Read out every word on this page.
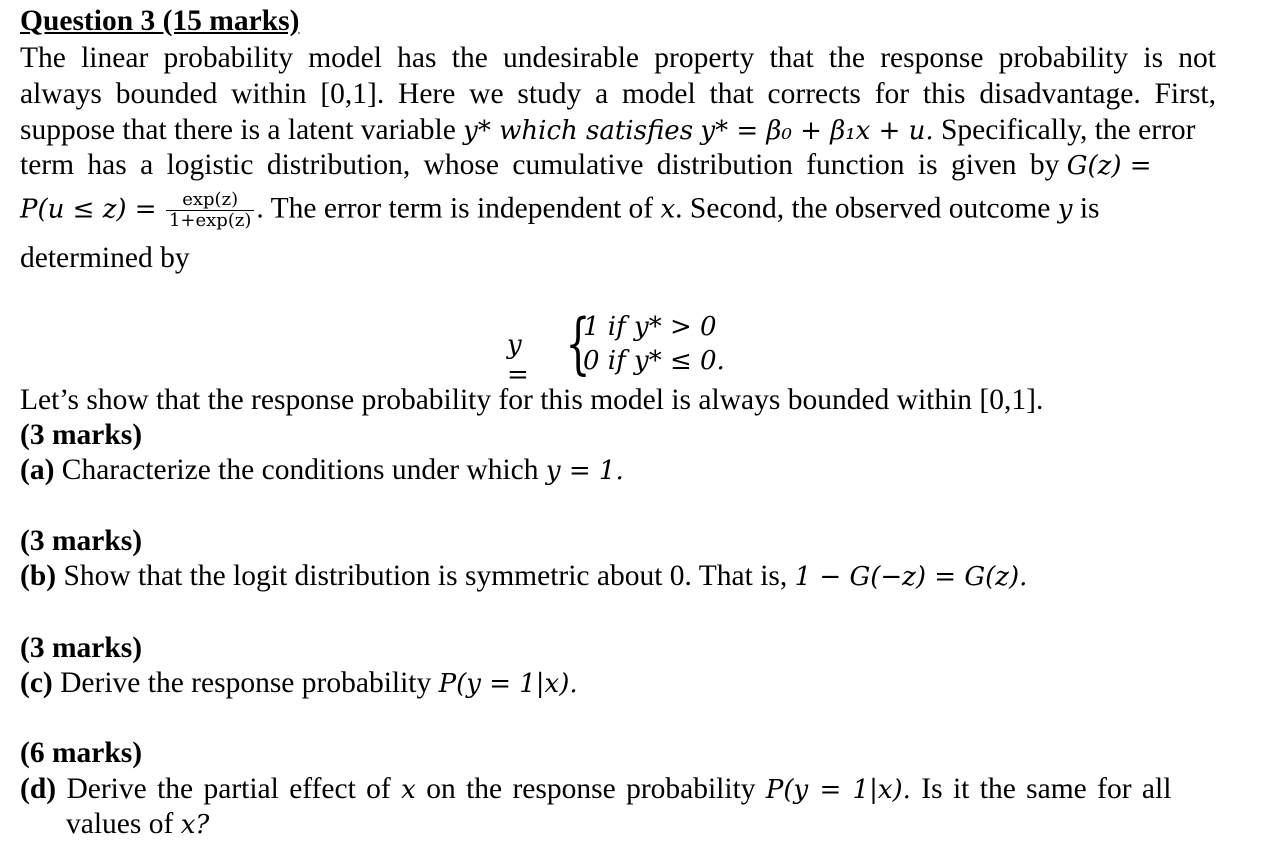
Question 3 (15 marks)
The linear probability model has the undesirable property that the response probability is not
always bounded within [0,1]. Here we study a model that corrects for this disadvantage. First,
suppose that there is a latent variable y* which satisfies y* = β₀ + β₁x + u. Specifically, the error
term has a logistic distribution, whose cumulative distribution function is given by G(z) =
$P(u \le z) = \frac{\exp(z)}{1+\exp(z)}$ . The error term is independent of x. Second, the observed outcome y is
determined by
y = {
1 if y* > 0
0 if y* ≤ 0.
Let’s show that the response probability for this model is always bounded within [0,1].
(3 marks)
(a) Characterize the conditions under which y = 1.
(3 marks)
(b) Show that the logit distribution is symmetric about 0. That is, 1 − G(−z) = G(z).
(3 marks)
(c) Derive the response probability P(y = 1|x).
(6 marks)
(d) Derive the partial effect of x on the response probability P(y = 1|x). Is it the same for all
values of x?
